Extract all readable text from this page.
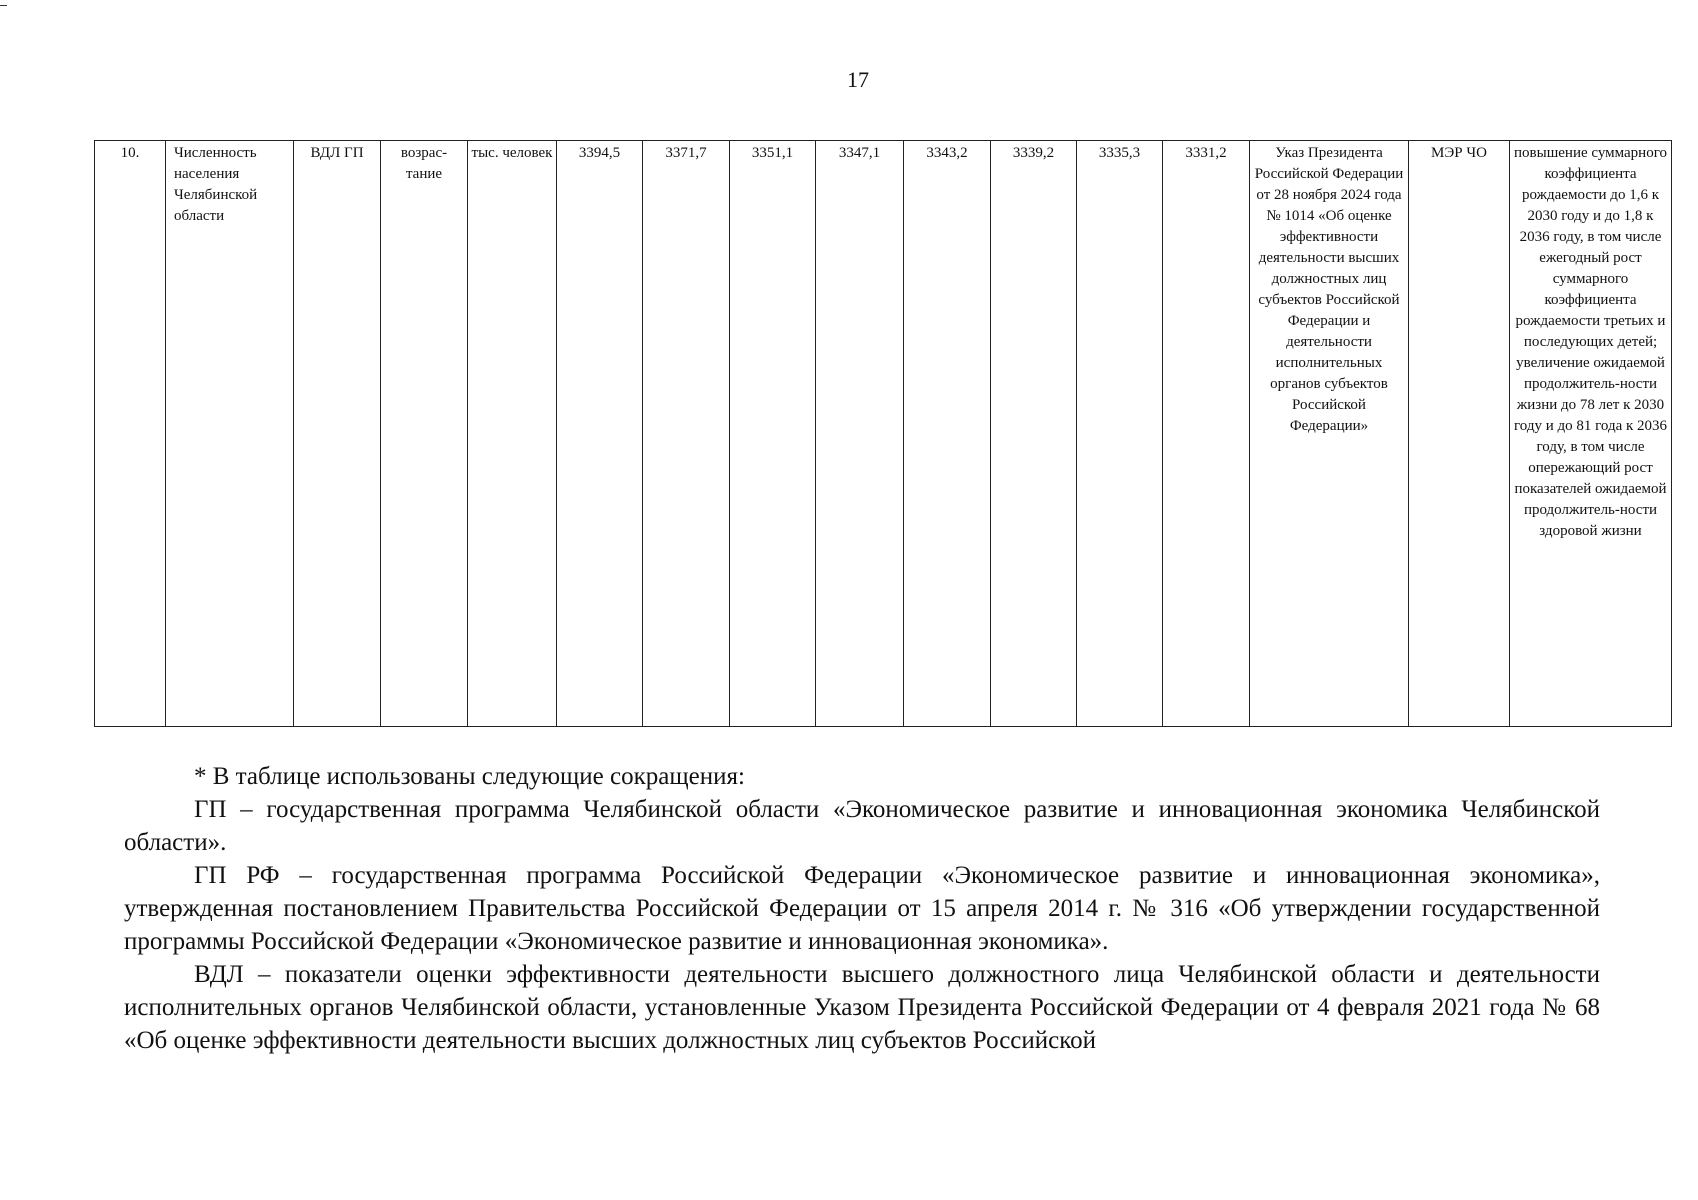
17
10.	Численность населения Челябинской области	ВДЛ ГП	возрас-тание	тыс. человек	3394,5	3371,7	3351,1	3347,1	3343,2	3339,2	3335,3	3331,2	Указ Президента Российской Федерации от 28 ноября 2024 года № 1014 «Об оценке эффективности деятельности высших должностных лиц субъектов Российской Федерации и деятельности исполнительных органов субъектов Российской Федерации»	МЭР ЧО	повышение суммарного коэффициента рождаемости до 1,6 к 2030 году и до 1,8 к 2036 году, в том числе ежегодный рост суммарного коэффициента рождаемости третьих и последующих детей; увеличение ожидаемой продолжитель-ности жизни до 78 лет к 2030 году и до 81 года к 2036 году, в том числе опережающий рост показателей ожидаемой продолжитель-ности здоровой жизни

* В таблице использованы следующие сокращения:

ГП – государственная программа Челябинской области «Экономическое развитие и инновационная экономика Челябинской области».

ГП РФ – государственная программа Российской Федерации «Экономическое развитие и инновационная экономика», утвержденная постановлением Правительства Российской Федерации от 15 апреля 2014 г. № 316 «Об утверждении государственной программы Российской Федерации «Экономическое развитие и инновационная экономика».

ВДЛ – показатели оценки эффективности деятельности высшего должностного лица Челябинской области и деятельности исполнительных органов Челябинской области, установленные Указом Президента Российской Федерации от 4 февраля 2021 года № 68 «Об оценке эффективности деятельности высших должностных лиц субъектов Российской
